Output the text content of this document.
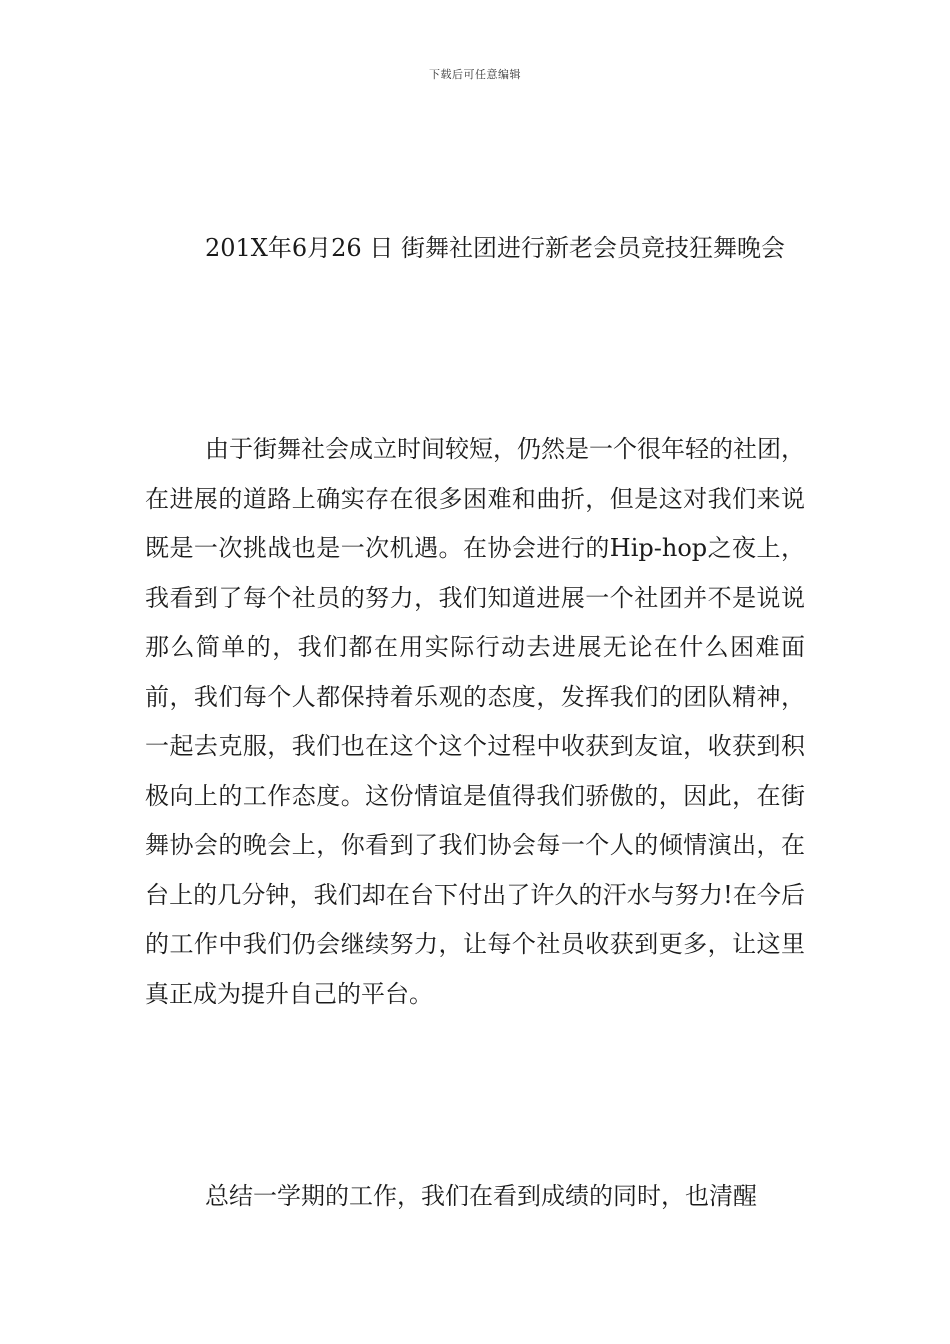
下载后可任意编辑

201X年6月26 日 街舞社团进行新老会员竞技狂舞晚会

由于街舞社会成立时间较短，仍然是一个很年轻的社团，在进展的道路上确实存在很多困难和曲折，但是这对我们来说既是一次挑战也是一次机遇。在协会进行的Hip-hop之夜上，我看到了每个社员的努力，我们知道进展一个社团并不是说说那么简单的，我们都在用实际行动去进展无论在什么困难面前，我们每个人都保持着乐观的态度，发挥我们的团队精神，一起去克服，我们也在这个这个过程中收获到友谊，收获到积极向上的工作态度。这份情谊是值得我们骄傲的，因此，在街舞协会的晚会上，你看到了我们协会每一个人的倾情演出，在台上的几分钟，我们却在台下付出了许久的汗水与努力!在今后的工作中我们仍会继续努力，让每个社员收获到更多，让这里真正成为提升自己的平台。

总结一学期的工作，我们在看到成绩的同时，也清醒
